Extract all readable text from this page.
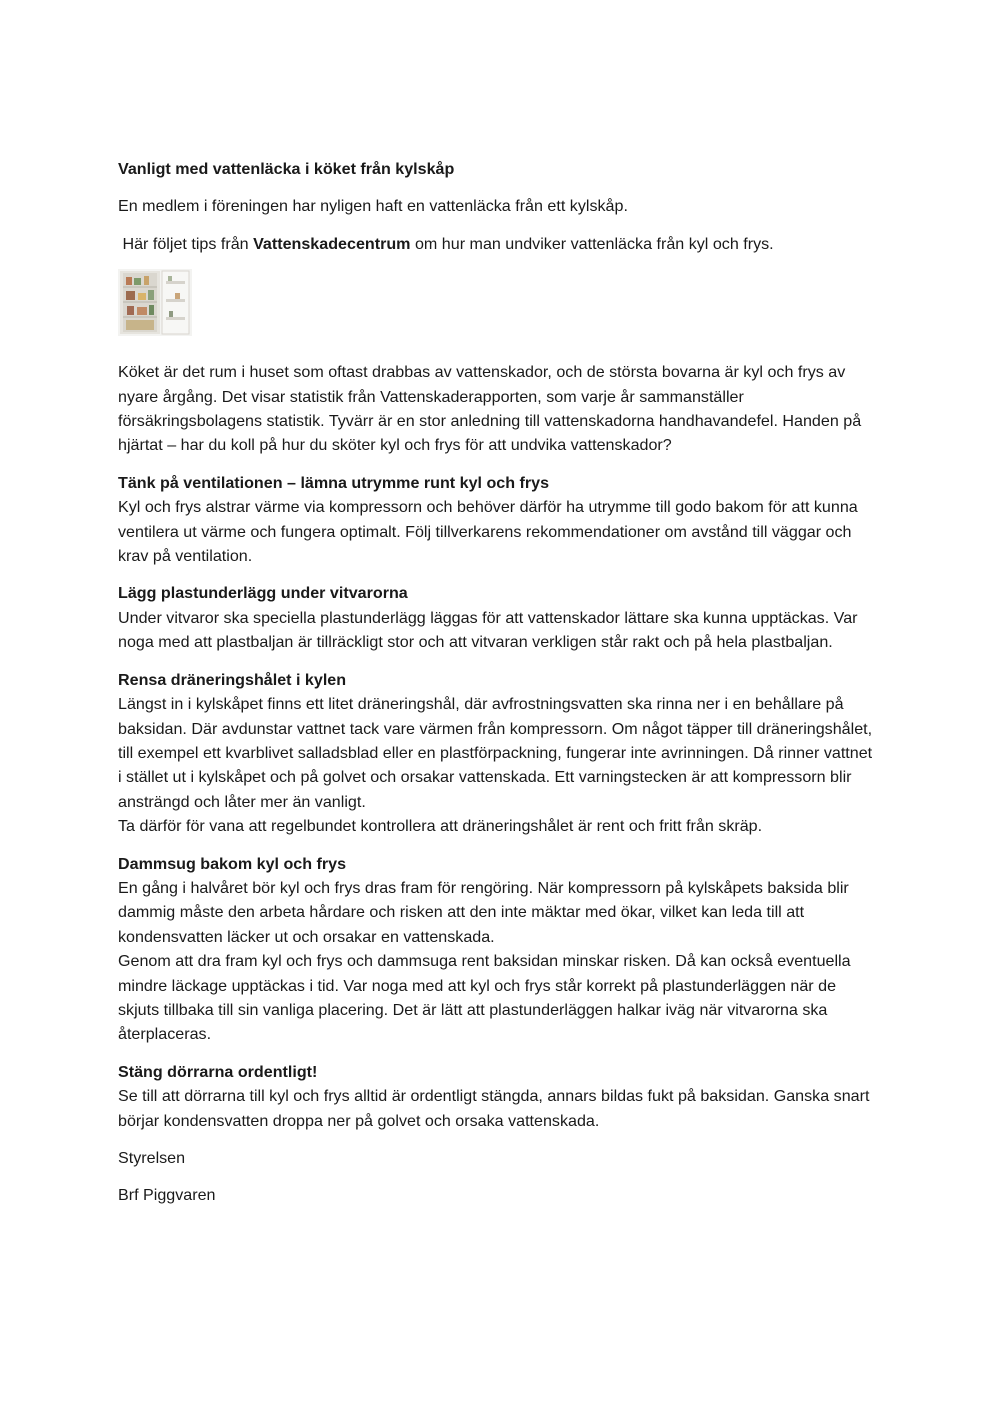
Vanligt med vattenläcka i köket från kylskåp

En medlem i föreningen har nyligen haft en vattenläcka från ett kylskåp.

Här följet tips från Vattenskadecentrum om hur man undviker vattenläcka från kyl och frys.

Köket är det rum i huset som oftast drabbas av vattenskador, och de största bovarna är kyl och frys av nyare årgång. Det visar statistik från Vattenskaderapporten, som varje år sammanställer försäkringsbolagens statistik. Tyvärr är en stor anledning till vattenskadorna handhavandefel. Handen på hjärtat – har du koll på hur du sköter kyl och frys för att undvika vattenskador?

Tänk på ventilationen – lämna utrymme runt kyl och frys
Kyl och frys alstrar värme via kompressorn och behöver därför ha utrymme till godo bakom för att kunna ventilera ut värme och fungera optimalt. Följ tillverkarens rekommendationer om avstånd till väggar och krav på ventilation.
Lägg plastunderlägg under vitvarorna
Under vitvaror ska speciella plastunderlägg läggas för att vattenskador lättare ska kunna upptäckas. Var noga med att plastbaljan är tillräckligt stor och att vitvaran verkligen står rakt och på hela plastbaljan.
Rensa dräneringshålet i kylen
Längst in i kylskåpet finns ett litet dräneringshål, där avfrostningsvatten ska rinna ner i en behållare på baksidan. Där avdunstar vattnet tack vare värmen från kompressorn. Om något täpper till dräneringshålet, till exempel ett kvarblivet salladsblad eller en plastförpackning, fungerar inte avrinningen. Då rinner vattnet i stället ut i kylskåpet och på golvet och orsakar vattenskada. Ett varningstecken är att kompressorn blir ansträngd och låter mer än vanligt.
Ta därför för vana att regelbundet kontrollera att dräneringshålet är rent och fritt från skräp.
Dammsug bakom kyl och frys
En gång i halvåret bör kyl och frys dras fram för rengöring. När kompressorn på kylskåpets baksida blir dammig måste den arbeta hårdare och risken att den inte mäktar med ökar, vilket kan leda till att kondensvatten läcker ut och orsakar en vattenskada.
Genom att dra fram kyl och frys och dammsuga rent baksidan minskar risken. Då kan också eventuella mindre läckage upptäckas i tid. Var noga med att kyl och frys står korrekt på plastunderläggen när de skjuts tillbaka till sin vanliga placering. Det är lätt att plastunderläggen halkar iväg när vitvarorna ska återplaceras.
Stäng dörrarna ordentligt!
Se till att dörrarna till kyl och frys alltid är ordentligt stängda, annars bildas fukt på baksidan. Ganska snart börjar kondensvatten droppa ner på golvet och orsaka vattenskada.

Styrelsen

Brf Piggvaren
